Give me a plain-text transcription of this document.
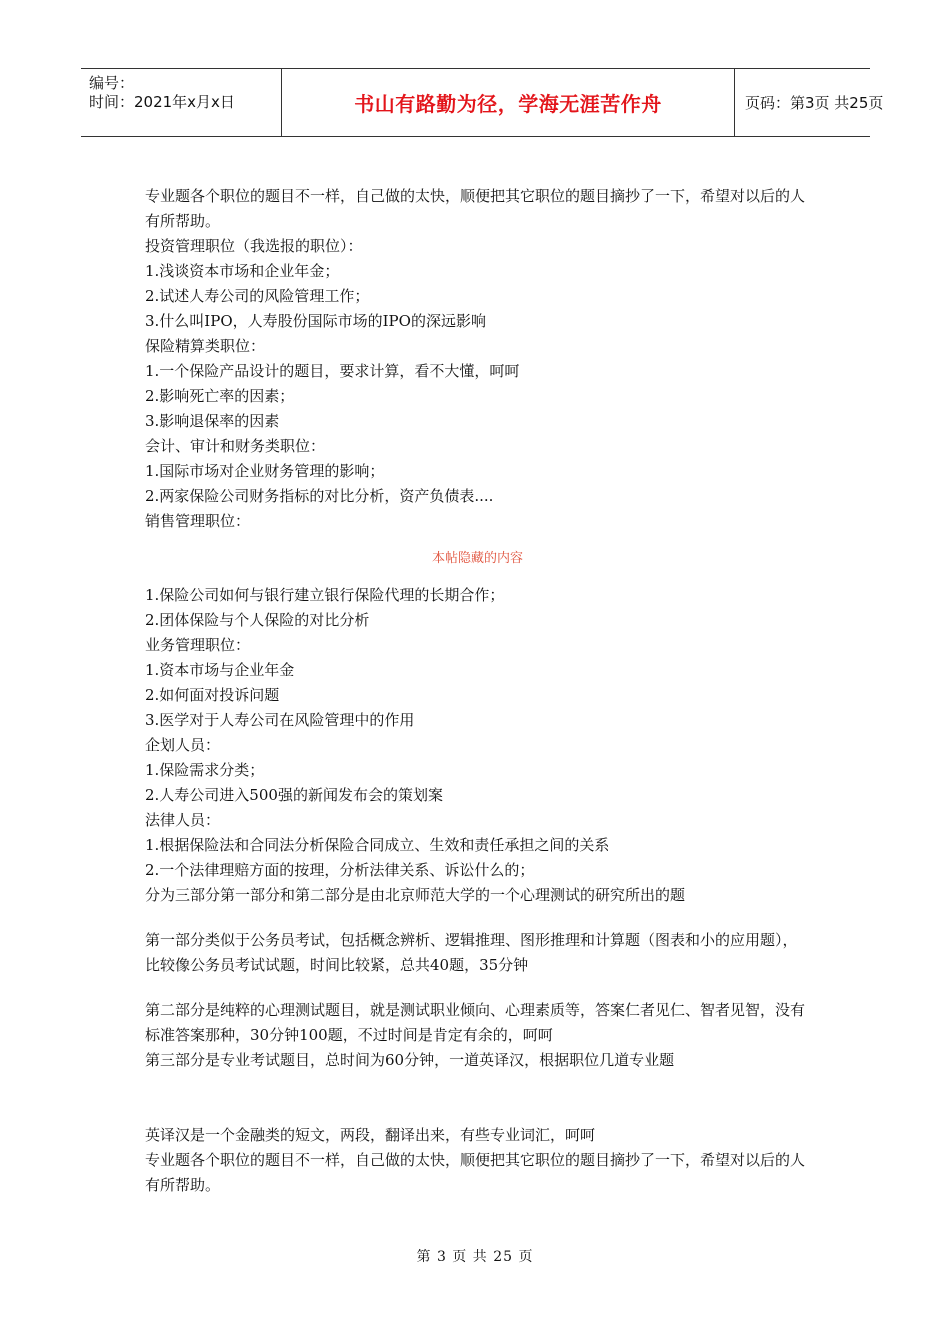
编号：
时间：2021年x月x日	书山有路勤为径，学海无涯苦作舟	页码：第3页 共25页

专业题各个职位的题目不一样，自己做的太快，顺便把其它职位的题目摘抄了一下，希望对以后的人有所帮助。

投资管理职位（我选报的职位）：

1.浅谈资本市场和企业年金；

2.试述人寿公司的风险管理工作；

3.什么叫IPO，人寿股份国际市场的IPO的深远影响

保险精算类职位：

1.一个保险产品设计的题目，要求计算，看不大懂，呵呵

2.影响死亡率的因素；

3.影响退保率的因素

会计、审计和财务类职位：

1.国际市场对企业财务管理的影响；

2.两家保险公司财务指标的对比分析，资产负债表....

销售管理职位：

本帖隐藏的内容

1.保险公司如何与银行建立银行保险代理的长期合作；

2.团体保险与个人保险的对比分析

业务管理职位：

1.资本市场与企业年金

2.如何面对投诉问题

3.医学对于人寿公司在风险管理中的作用

企划人员：

1.保险需求分类；

2.人寿公司进入500强的新闻发布会的策划案

法律人员：

1.根据保险法和合同法分析保险合同成立、生效和责任承担之间的关系

2.一个法律理赔方面的按理，分析法律关系、诉讼什么的；

分为三部分第一部分和第二部分是由北京师范大学的一个心理测试的研究所出的题

第一部分类似于公务员考试，包括概念辨析、逻辑推理、图形推理和计算题（图表和小的应用题），比较像公务员考试试题，时间比较紧，总共40题，35分钟

第二部分是纯粹的心理测试题目，就是测试职业倾向、心理素质等，答案仁者见仁、智者见智，没有标准答案那种，30分钟100题，不过时间是肯定有余的，呵呵

第三部分是专业考试题目，总时间为60分钟，一道英译汉，根据职位几道专业题

英译汉是一个金融类的短文，两段，翻译出来，有些专业词汇，呵呵

专业题各个职位的题目不一样，自己做的太快，顺便把其它职位的题目摘抄了一下，希望对以后的人有所帮助。

第 3 页 共 25 页
